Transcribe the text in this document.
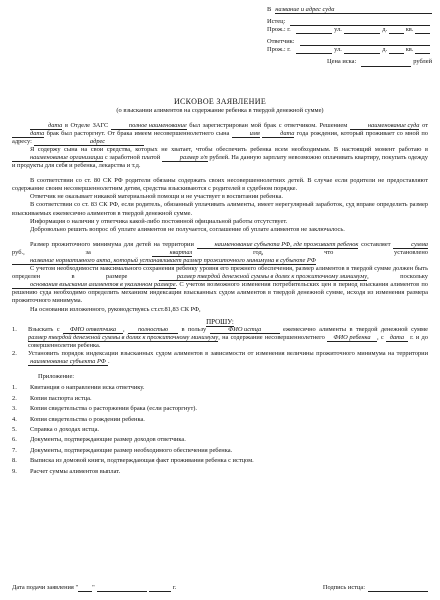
В название и адрес суда
Истец:
Прож.: г.	ул.	д.	кв.
Ответчик:
Прож.: г.	ул.	д.	кв.
Цена иска:	рублей
ИСКОВОЕ ЗАЯВЛЕНИЕ
(о взыскании алиментов на содержание ребенка в твердой денежной сумме)

дата в Отделе ЗАГС	полное наименование был зарегистрирован мой брак с ответчиком. Решением	наименование суда от дата брак был расторгнут. От брака имеем несовершеннолетнего сына	имя	дата года рождения, который проживает со мной по адресу:	адрес

Я содержу сына на свои средства, которых не хватает, чтобы обеспечить ребенка всем необходимым. В настоящий момент работаю в наименование организации с заработной платой	размер з/п рублей. На данную зарплату невозможно оплачивать квартиру, покупать одежду и продукты для себя и ребенка, лекарства и т.д.

В соответствии со ст. 80 СК РФ родители обязаны содержать своих несовершеннолетних детей. В случае если родители не предоставляют содержание своим несовершеннолетним детям, средства взыскиваются с родителей в судебном порядке.

Ответчик не оказывает никакой материальной помощи и не участвует в воспитании ребенка.

В соответствии со ст. 83 СК РФ, если родитель, обязанный уплачивать алименты, имеет нерегулярный заработок, суд вправе определить размер взыскиваемых ежемесячно алиментов в твердой денежной сумме.

Информация о наличии у ответчика какой-либо постоянной официальной работы отсутствует.

Добровольно решить вопрос об уплате алиментов не получается, соглашение об уплате алиментов не заключалось.

Размер прожиточного минимума для детей на территории	наименование субъекта РФ, где проживает ребенок составляет	сумма руб., за	квартал	год, что установлено название нормативного акта, который устанавливает размер прожиточного минимума в субъекте РФ

С учетом необходимости максимального сохранения ребенку уровня его прежнего обеспечения, размер алиментов в твердой сумме должен быть определен в размере	размер твердой денежной суммы в долях к прожиточному минимуму, поскольку основания взыскания алиментов в указанном размере. С учетом возможного изменения потребительских цен в период взыскания алиментов по решению суда необходимо определить механизм индексации взысканных судом алиментов в твердой денежной сумме, исходя из изменения размера прожиточного минимума.

На основании изложенного, руководствуясь ст.ст.81,83 СК РФ,

ПРОШУ:
1.	Взыскать с ФИО ответчика , полностью в пользу	ФИО истца	ежемесячно алименты в твердой денежной сумме размер твердой денежной суммы в долях к прожиточному минимуму, на содержание несовершеннолетнего ФИО ребенка , с дата г. и до совершеннолетия ребенка.
2.	Установить порядок индексации взысканных судом алиментов в зависимости от изменения величины прожиточного минимума на территории наименование субъекта РФ .
Приложение:
1.	Квитанция о направлении иска ответчику.
2.	Копия паспорта истца.
3.	Копия свидетельства о расторжении брака (если расторгнут).
4.	Копия свидетельства о рождении ребенка.
5.	Справка о доходах истца.
6.	Документы, подтверждающие размер доходов ответчика.
7.	Документы, подтверждающие размер необходимого обеспечения ребенка.
8.	Выписка из домовой книги, подтверждающая факт проживания ребенка с истцом.
9.	Расчет суммы алиментов выплат.
Дата подачи заявления " "	г.	Подпись истца:
